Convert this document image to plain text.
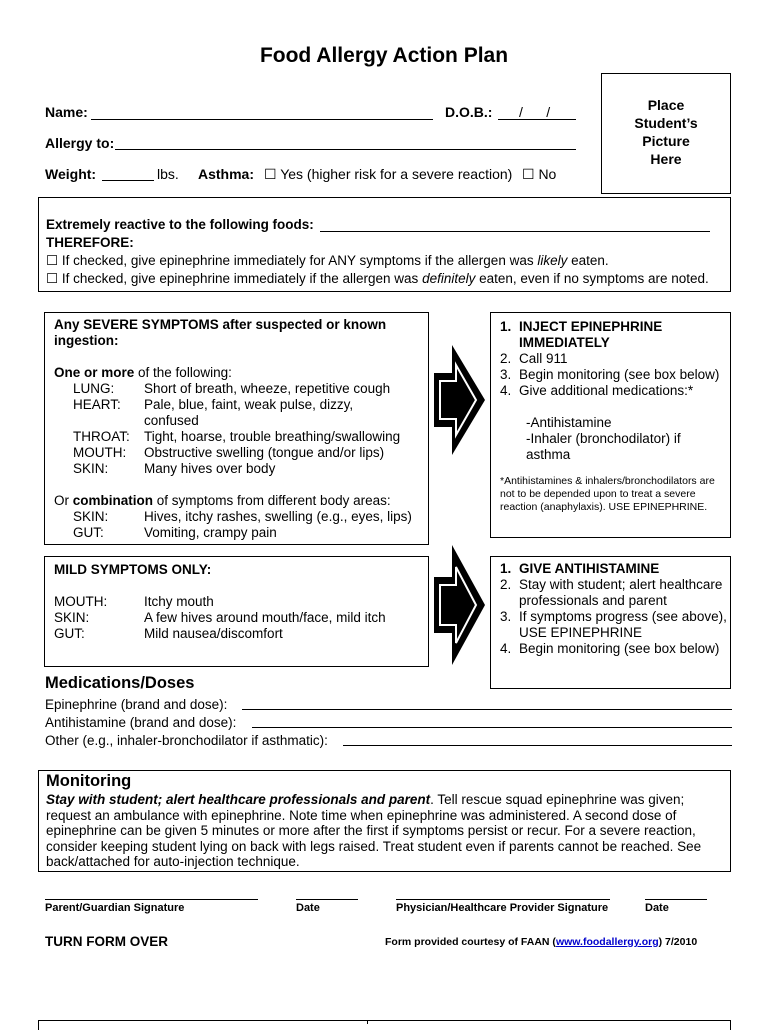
Food Allergy Action Plan
Name:	D.O.B.: /      /
Allergy to:
Weight:	lbs. Asthma: ☐ Yes (higher risk for a severe reaction) ☐ No
Place Student’s Picture Here
Extremely reactive to the following foods:
THEREFORE:
☐ If checked, give epinephrine immediately for ANY symptoms if the allergen was likely eaten.
☐ If checked, give epinephrine immediately if the allergen was definitely eaten, even if no symptoms are noted.
Any SEVERE SYMPTOMS after suspected or known ingestion:
One or more of the following:
LUNG:	Short of breath, wheeze, repetitive cough
HEART:	Pale, blue, faint, weak pulse, dizzy, confused
THROAT:	Tight, hoarse, trouble breathing/swallowing
MOUTH:	Obstructive swelling (tongue and/or lips)
SKIN:	Many hives over body
Or combination of symptoms from different body areas:
SKIN:	Hives, itchy rashes, swelling (e.g., eyes, lips)
GUT:	Vomiting, crampy pain
1. INJECT EPINEPHRINE IMMEDIATELY
2. Call 911
3. Begin monitoring (see box below)
4. Give additional medications:*
-Antihistamine
-Inhaler (bronchodilator) if asthma
*Antihistamines & inhalers/bronchodilators are not to be depended upon to treat a severe reaction (anaphylaxis). USE EPINEPHRINE.
MILD SYMPTOMS ONLY:
MOUTH:	Itchy mouth
SKIN:	A few hives around mouth/face, mild itch
GUT:	Mild nausea/discomfort
1. GIVE ANTIHISTAMINE
2. Stay with student; alert healthcare professionals and parent
3. If symptoms progress (see above), USE EPINEPHRINE
4. Begin monitoring (see box below)
Medications/Doses
Epinephrine (brand and dose):
Antihistamine (brand and dose):
Other (e.g., inhaler-bronchodilator if asthmatic):
Monitoring
Stay with student; alert healthcare professionals and parent. Tell rescue squad epinephrine was given; request an ambulance with epinephrine. Note time when epinephrine was administered. A second dose of epinephrine can be given 5 minutes or more after the first if symptoms persist or recur. For a severe reaction, consider keeping student lying on back with legs raised. Treat student even if parents cannot be reached. See back/attached for auto-injection technique.
Parent/Guardian Signature	Date	Physician/Healthcare Provider Signature	Date
TURN FORM OVER	Form provided courtesy of FAAN (www.foodallergy.org) 7/2010
